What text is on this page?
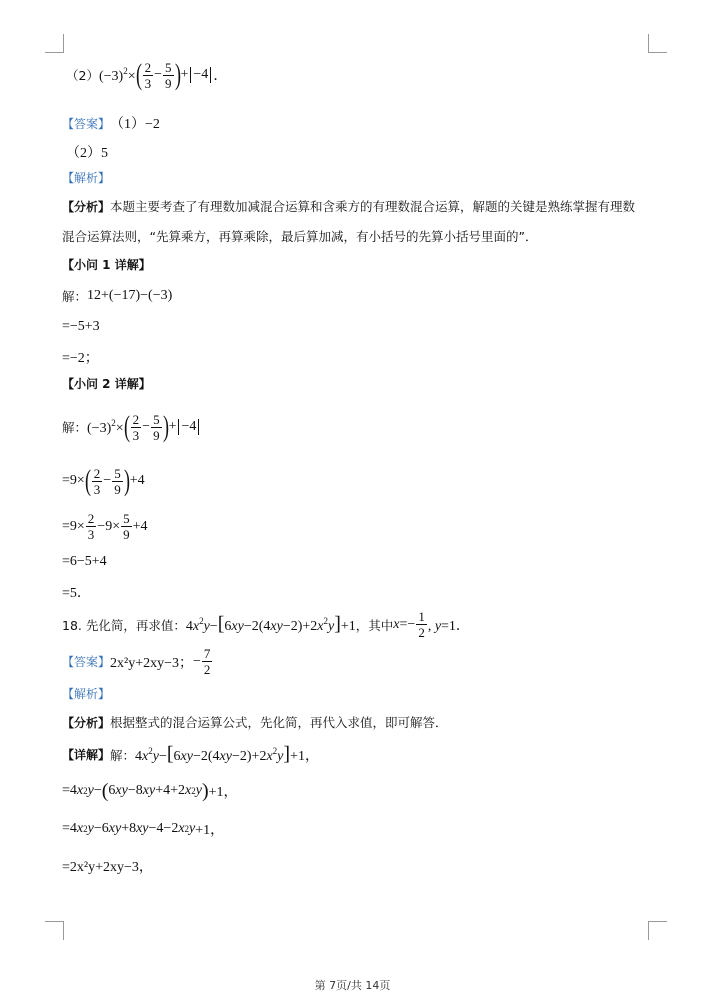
（2） $(-3)^2\times$ ( $\frac{2}{3} - \frac{5}{9}$ ) + −4 ．
【答案】 （1）−2
（2）5
【解析】
【分析】 本题主要考查了有理数加减混合运算和含乘方的有理数混合运算，解题的关键是熟练掌握有理数
混合运算法则，“先算乘方，再算乘除，最后算加减，有小括号的先算小括号里面的”．
【小问 1 详解】
解： 12+(−17)−(−3)
=−5+3
=−2；
【小问 2 详解】
解： $(-3)^2\times$ ( $\frac{2}{3} - \frac{5}{9}$ ) + −4
=9× ( $\frac{2}{3} - \frac{5}{9}$ ) +4
$=9\times \frac{2}{3} -9\times \frac{5}{9} +4$
=6−5+4
=5．
18. 先化简，再求值： $4x^2y-[6xy-2(4xy-2)+2x^2y]+1$ ，其中 $x=- \frac{1}{2}$ , y=1．
【答案】 2x²y+2xy−3； − $\frac{7}{2}$
【解析】
【分析】 根据整式的混合运算公式，先化简，再代入求值，即可解答．
【详解】 解： $4x^2y-[6xy-2(4xy-2)+2x^2y]+1$，
=4 x 2 y − ( 6 xy −8 xy +4+2 x 2 y ) +1，
=4 x 2 y −6 xy +8 xy −4−2 x 2 y +1，
=2x²y+2xy−3，
第 7页/共 14页
